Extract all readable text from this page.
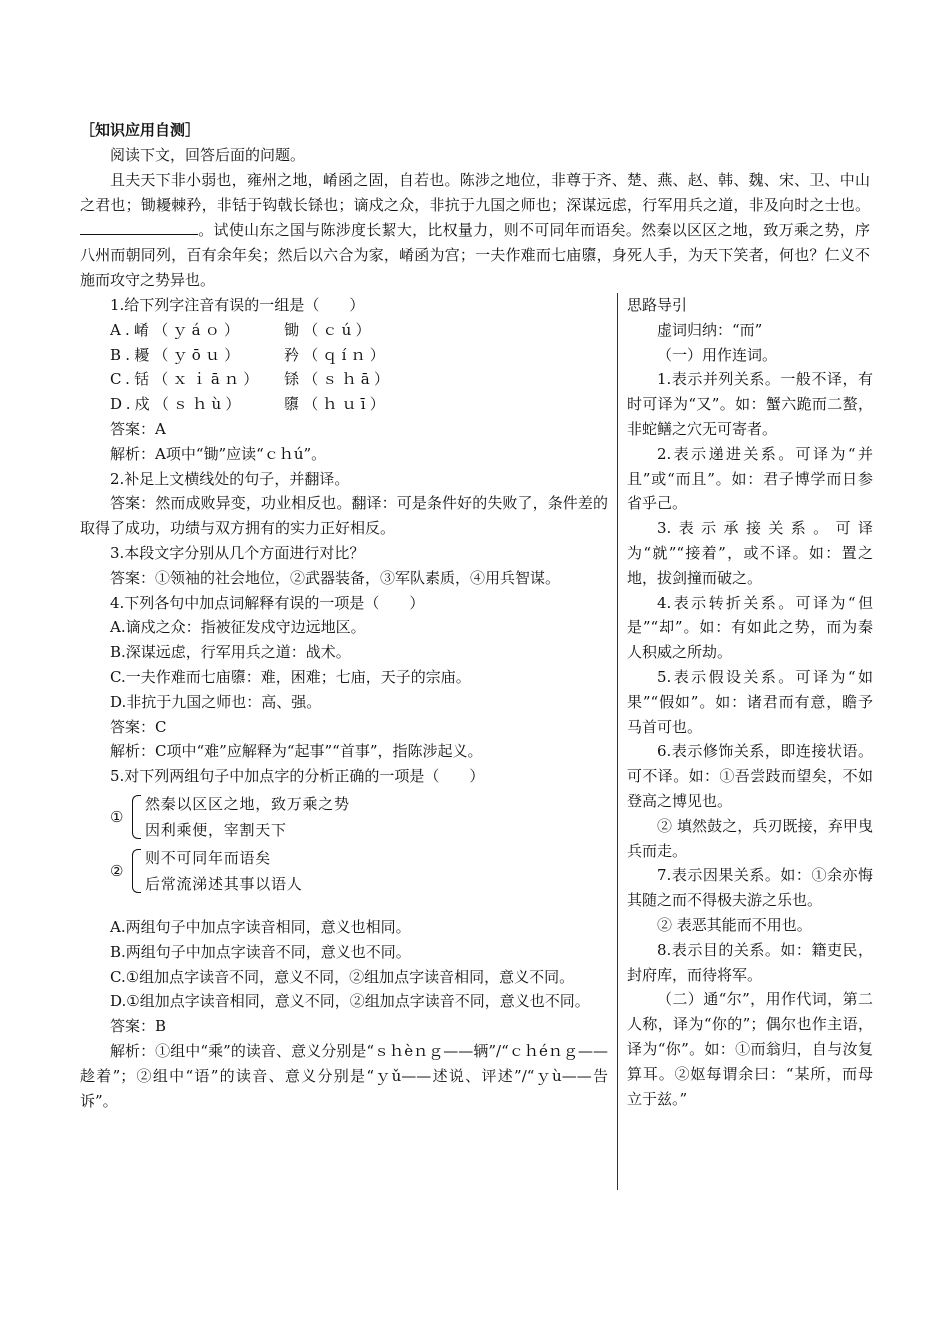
［知识应用自测］

阅读下文，回答后面的问题。

且夫天下非小弱也，雍州之地，崤函之固，自若也。陈涉之地位，非尊于齐、楚、燕、赵、韩、魏、宋、卫、中山之君也；锄耰棘矜，非铦于钩戟长铩也；谪戍之众，非抗于九国之师也；深谋远虑，行军用兵之道，非及向时之士也。。试使山东之国与陈涉度长絜大，比权量力，则不可同年而语矣。然秦以区区之地，致万乘之势，序八州而朝同列，百有余年矣；然后以六合为家，崤函为宫；一夫作难而七庙隳，身死人手，为天下笑者，何也？仁义不施而攻守之势异也。

1.给下列字注音有误的一组是（　　）

A.崤（ｙáｏ）	锄（ｃú）
B.耰（ｙōｕ）	矜（ｑíｎ）
C.铦（ｘｉāｎ）	铩（ｓｈā）
D.戍（ｓｈù）	隳（ｈｕī）

答案：A

解析：A项中“锄”应读“ｃｈú”。

2.补足上文横线处的句子，并翻译。

答案：然而成败异变，功业相反也。翻译：可是条件好的失败了，条件差的取得了成功，功绩与双方拥有的实力正好相反。

3.本段文字分别从几个方面进行对比？

答案：①领袖的社会地位，②武器装备，③军队素质，④用兵智谋。

4.下列各句中加点词解释有误的一项是（　　）

A.谪戍之众：指被征发戍守边远地区。

B.深谋远虑，行军用兵之道：战术。

C.一夫作难而七庙隳：难，困难；七庙，天子的宗庙。

D.非抗于九国之师也：高、强。

答案：C

解析：C项中“难”应解释为“起事”“首事”，指陈涉起义。

5.对下列两组句子中加点字的分析正确的一项是（　　）

①
然秦以区区之地，致万乘之势
因利乘便，宰割天下
②
则不可同年而语矣
后常流涕述其事以语人

A.两组句子中加点字读音相同，意义也相同。

B.两组句子中加点字读音不同，意义也不同。

C.①组加点字读音不同，意义不同，②组加点字读音相同，意义不同。

D.①组加点字读音相同，意义不同，②组加点字读音不同，意义也不同。

答案：B

解析：①组中“乘”的读音、意义分别是“ｓｈèｎｇ——辆”/“ｃｈéｎｇ——趁着”；②组中“语”的读音、意义分别是“ｙǔ——述说、评述”/“ｙù——告诉”。

思路导引

虚词归纳：“而”

（一）用作连词。

1.表示并列关系。一般不译，有时可译为“又”。如：蟹六跪而二螯，非蛇鳝之穴无可寄者。

2.表示递进关系。可译为“并且”或“而且”。如：君子博学而日参省乎己。

3.表示承接关系。可译为“就”“接着”，或不译。如：置之地，拔剑撞而破之。

4.表示转折关系。可译为“但是”“却”。如：有如此之势，而为秦人积威之所劫。

5.表示假设关系。可译为“如果”“假如”。如：诸君而有意，瞻予马首可也。

6.表示修饰关系，即连接状语。可不译。如：①吾尝跂而望矣，不如登高之博见也。

② 填然鼓之，兵刃既接，弃甲曳兵而走。

7.表示因果关系。如：①余亦悔其随之而不得极夫游之乐也。

② 表恶其能而不用也。

8.表示目的关系。如：籍吏民，封府库，而待将军。

（二）通“尔”，用作代词，第二人称，译为“你的”；偶尔也作主语，译为“你”。如：①而翁归，自与汝复算耳。②妪每谓余曰：“某所，而母立于兹。”
